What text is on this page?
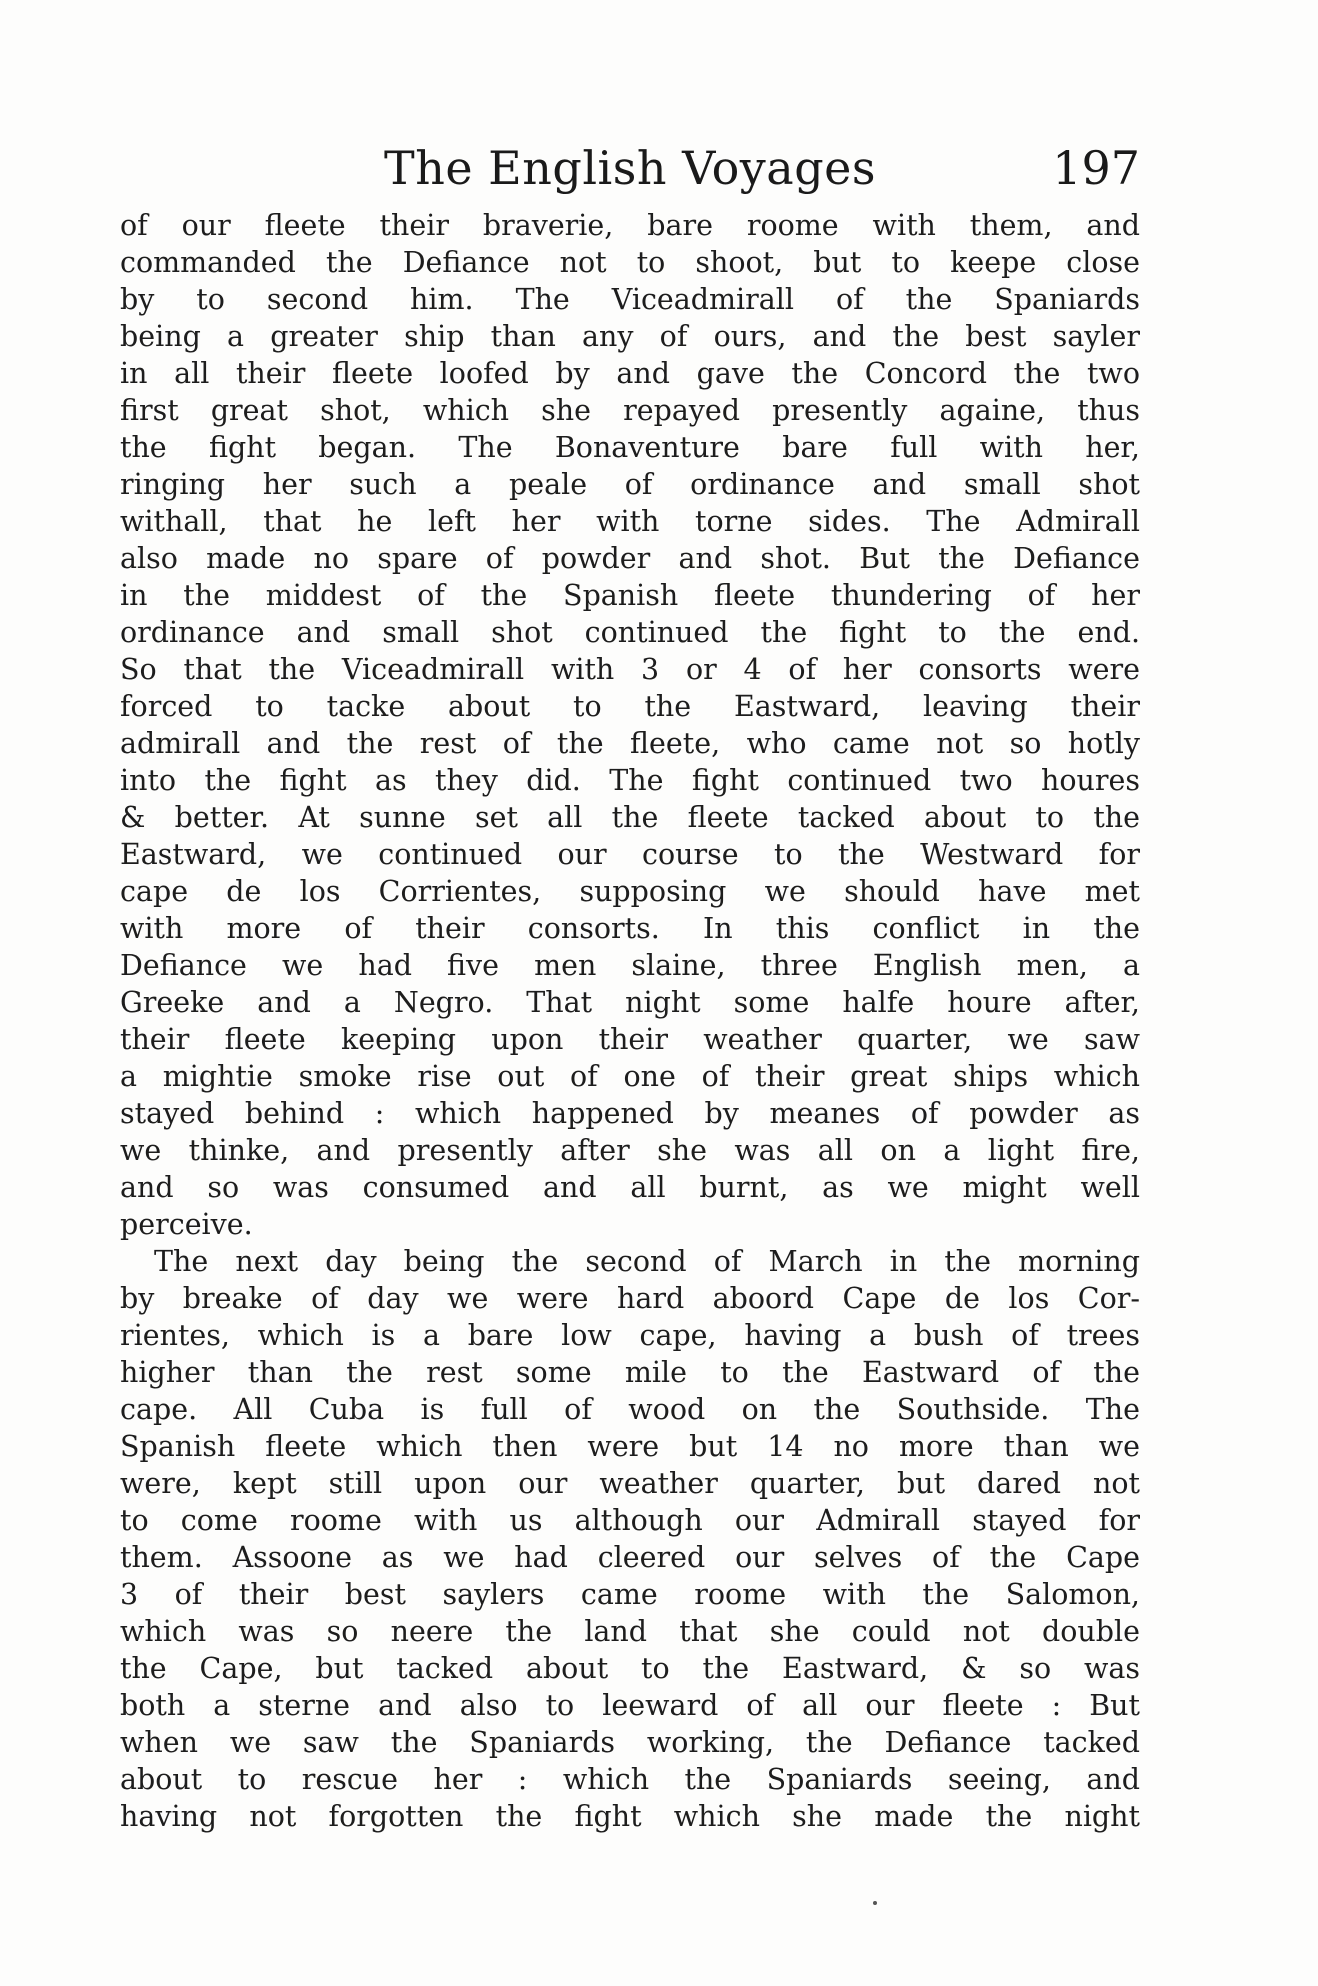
The English Voyages	197
of our fleete their braverie, bare roome with them, and
commanded the Defiance not to shoot, but to keepe close
by to second him. The Viceadmirall of the Spaniards
being a greater ship than any of ours, and the best sayler
in all their fleete loofed by and gave the Concord the two
first great shot, which she repayed presently againe, thus
the fight began. The Bonaventure bare full with her,
ringing her such a peale of ordinance and small shot
withall, that he left her with torne sides. The Admirall
also made no spare of powder and shot. But the Defiance
in the middest of the Spanish fleete thundering of her
ordinance and small shot continued the fight to the end.
So that the Viceadmirall with 3 or 4 of her consorts were
forced to tacke about to the Eastward, leaving their
admirall and the rest of the fleete, who came not so hotly
into the fight as they did. The fight continued two houres
& better. At sunne set all the fleete tacked about to the
Eastward, we continued our course to the Westward for
cape de los Corrientes, supposing we should have met
with more of their consorts. In this conflict in the
Defiance we had five men slaine, three English men, a
Greeke and a Negro. That night some halfe houre after,
their fleete keeping upon their weather quarter, we saw
a mightie smoke rise out of one of their great ships which
stayed behind : which happened by meanes of powder as
we thinke, and presently after she was all on a light fire,
and so was consumed and all burnt, as we might well
perceive.
The next day being the second of March in the morning
by breake of day we were hard aboord Cape de los Cor-
rientes, which is a bare low cape, having a bush of trees
higher than the rest some mile to the Eastward of the
cape. All Cuba is full of wood on the Southside. The
Spanish fleete which then were but 14 no more than we
were, kept still upon our weather quarter, but dared not
to come roome with us although our Admirall stayed for
them. Assoone as we had cleered our selves of the Cape
3 of their best saylers came roome with the Salomon,
which was so neere the land that she could not double
the Cape, but tacked about to the Eastward, & so was
both a sterne and also to leeward of all our fleete : But
when we saw the Spaniards working, the Defiance tacked
about to rescue her : which the Spaniards seeing, and
having not forgotten the fight which she made the night
